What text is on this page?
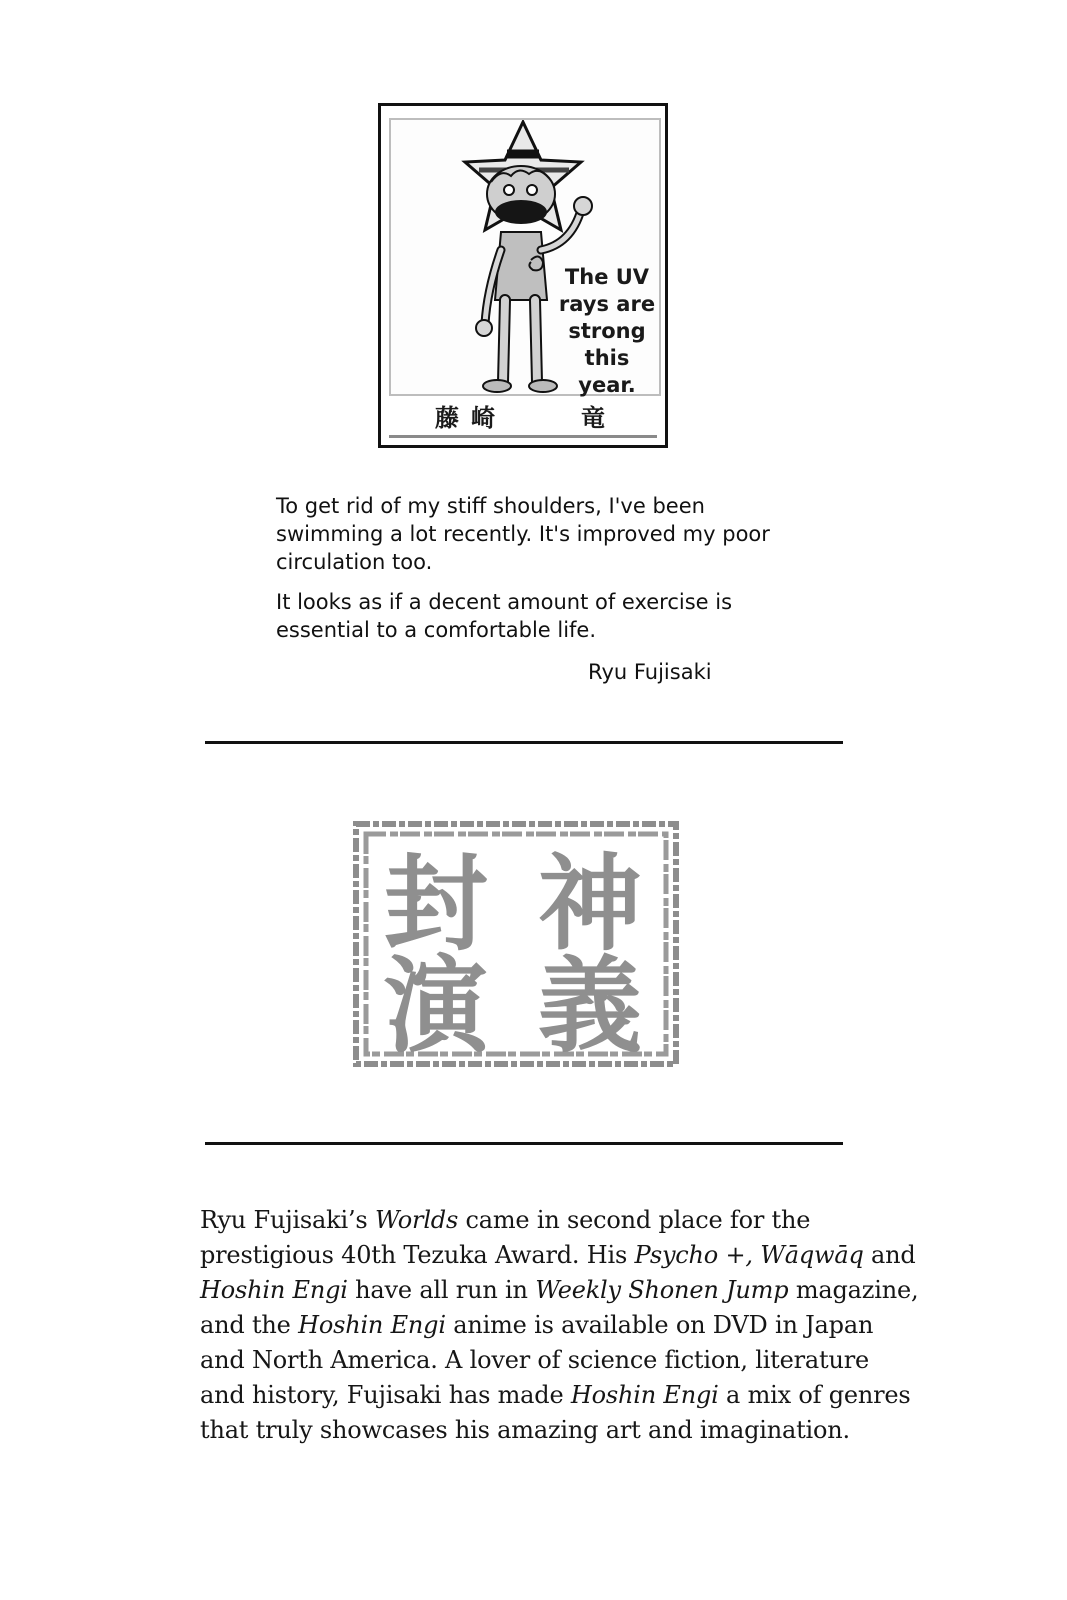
The UV
rays are
strong
this year.
藤 崎	竜

To get rid of my stiff shoulders, I've been swimming a lot recently. It's improved my poor circulation too.

It looks as if a decent amount of exercise is essential to a comfortable life.

Ryu Fujisaki

封 神
演 義
Ryu Fujisaki’s Worlds came in second place for the
prestigious 40th Tezuka Award. His Psycho +, Wāqwāq and
Hoshin Engi have all run in Weekly Shonen Jump magazine,
and the Hoshin Engi anime is available on DVD in Japan
and North America. A lover of science fiction, literature
and history, Fujisaki has made Hoshin Engi a mix of genres
that truly showcases his amazing art and imagination.
